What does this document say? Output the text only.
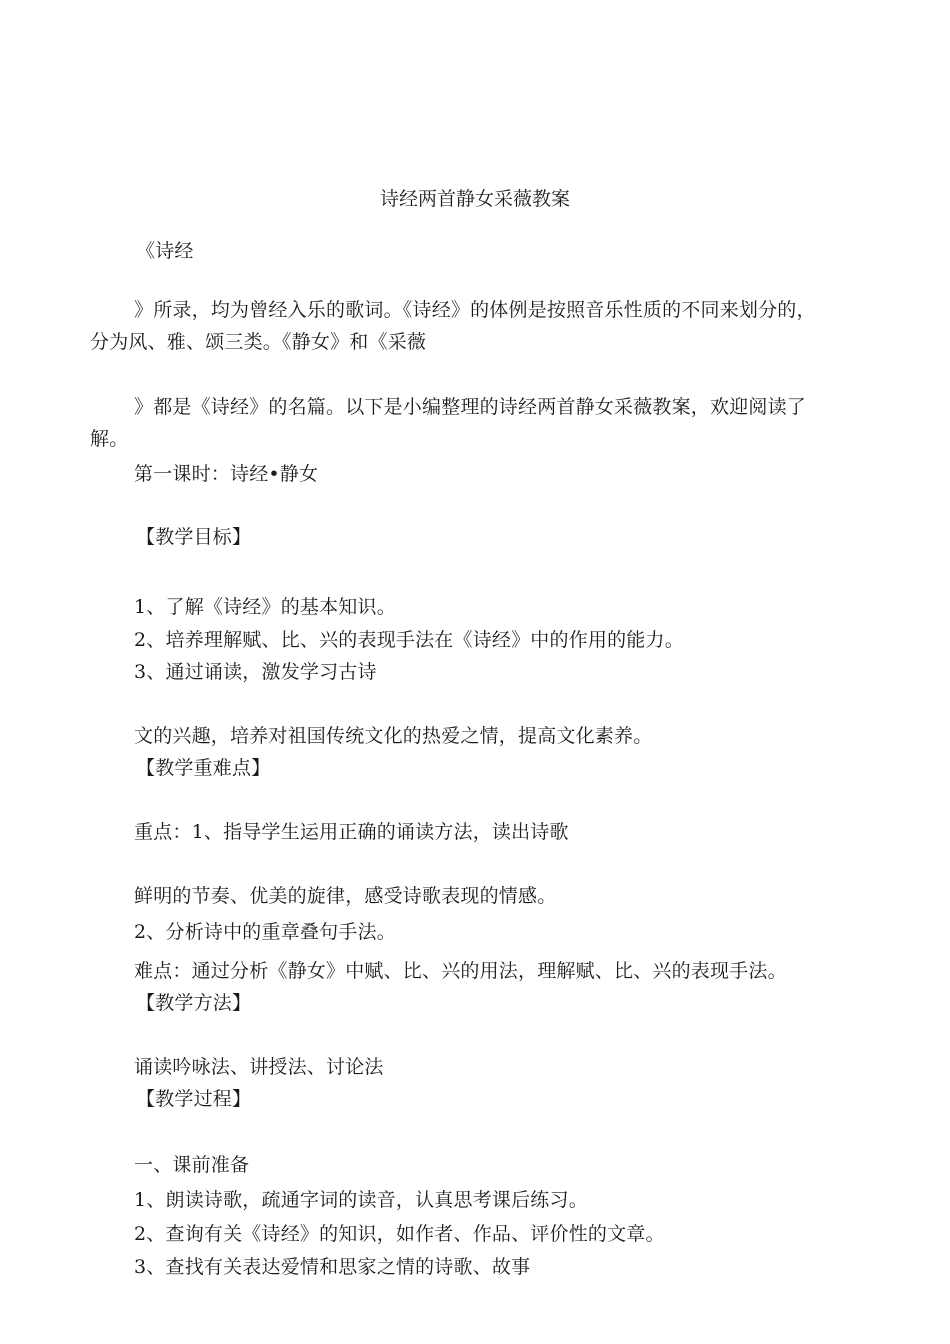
诗经两首静女采薇教案
《诗经
》所录，均为曾经入乐的歌词。《诗经》的体例是按照音乐性质的不同来划分的，
分为风、雅、颂三类。《静女》和《采薇
》都是《诗经》的名篇。以下是小编整理的诗经两首静女采薇教案，欢迎阅读了
解。
第一课时：诗经•静女
【教学目标】
1、了解《诗经》的基本知识。
2、培养理解赋、比、兴的表现手法在《诗经》中的作用的能力。
3、通过诵读，激发学习古诗
文的兴趣，培养对祖国传统文化的热爱之情，提高文化素养。
【教学重难点】
重点：1、指导学生运用正确的诵读方法，读出诗歌
鲜明的节奏、优美的旋律，感受诗歌表现的情感。
2、分析诗中的重章叠句手法。
难点：通过分析《静女》中赋、比、兴的用法，理解赋、比、兴的表现手法。
【教学方法】
诵读吟咏法、讲授法、讨论法
【教学过程】
一、课前准备
1、朗读诗歌，疏通字词的读音，认真思考课后练习。
2、查询有关《诗经》的知识，如作者、作品、评价性的文章。
3、查找有关表达爱情和思家之情的诗歌、故事
